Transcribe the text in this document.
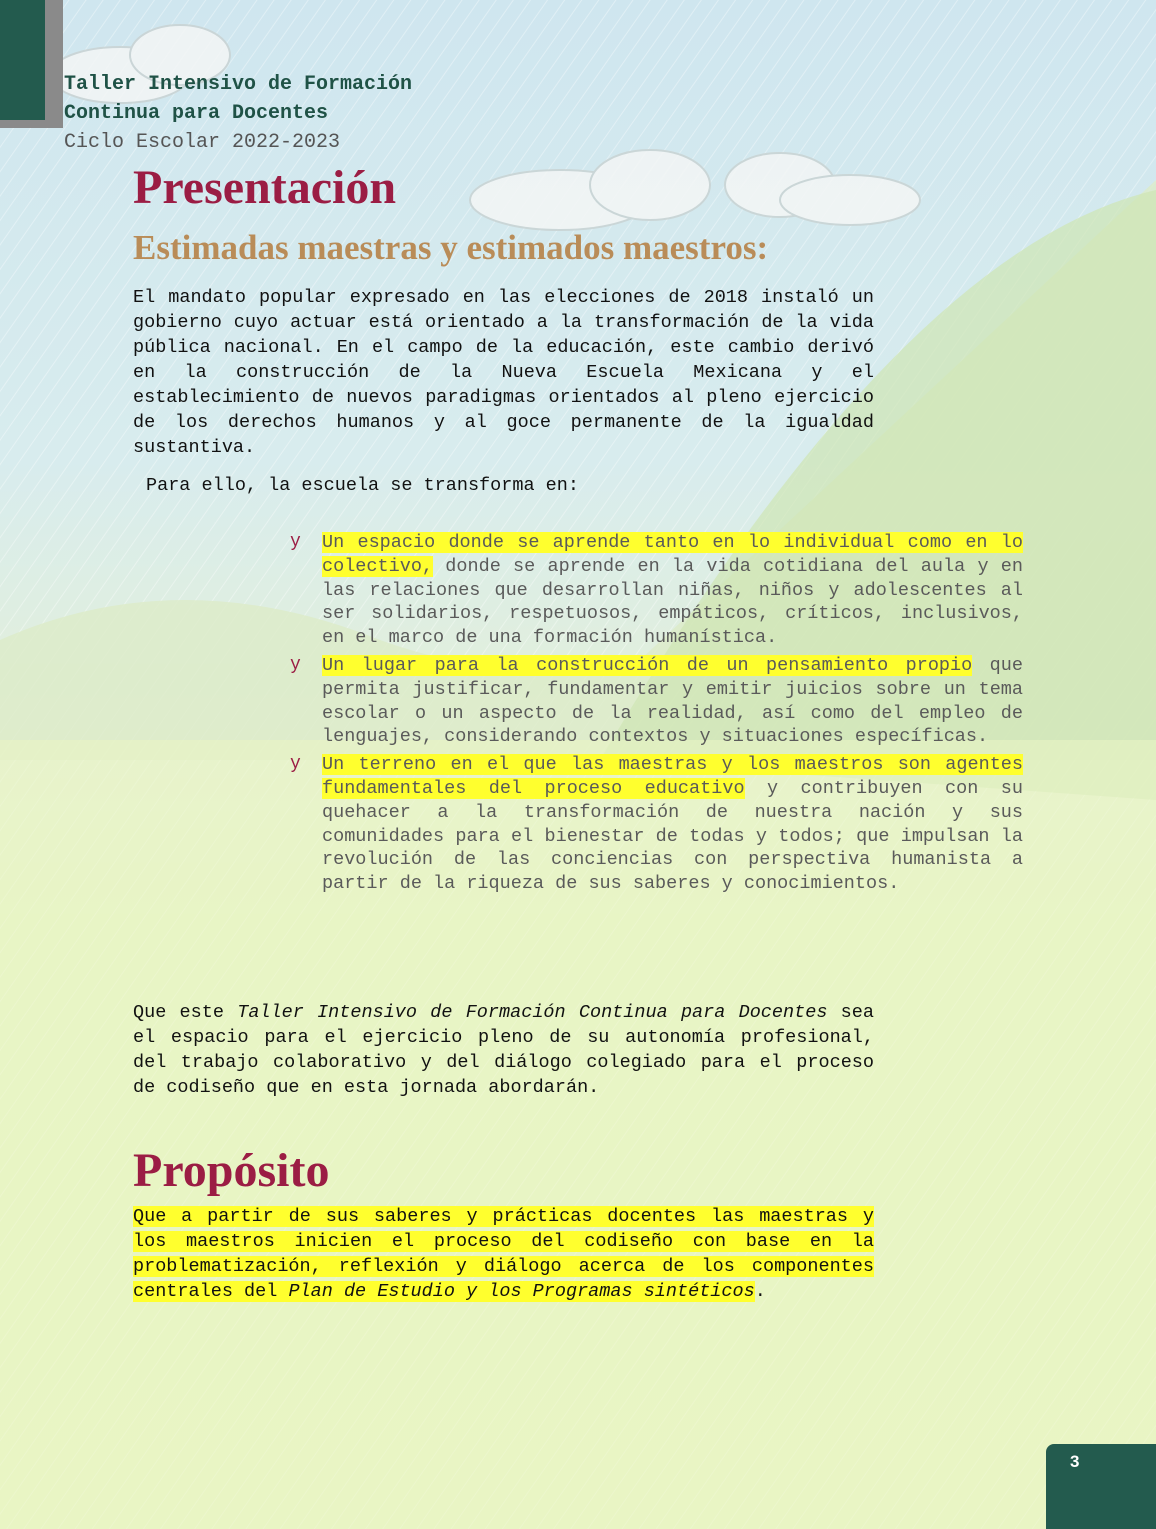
Taller Intensivo de Formación
Continua para Docentes
Ciclo Escolar 2022-2023
Presentación
Estimadas maestras y estimados maestros:

El mandato popular expresado en las elecciones de 2018 instaló un gobierno cuyo actuar está orientado a la transformación de la vida pública nacional. En el campo de la educación, este cambio derivó en la construcción de la Nueva Escuela Mexicana y el establecimiento de nuevos paradigmas orientados al pleno ejercicio de los derechos humanos y al goce permanente de la igualdad sustantiva.

Para ello, la escuela se transforma en:

y Un espacio donde se aprende tanto en lo individual como en lo colectivo, donde se aprende en la vida cotidiana del aula y en las relaciones que desarrollan niñas, niños y adolescentes al ser solidarios, respetuosos, empáticos, críticos, inclusivos, en el marco de una formación humanística.
y Un lugar para la construcción de un pensamiento propio que permita justificar, fundamentar y emitir juicios sobre un tema escolar o un aspecto de la realidad, así como del empleo de lenguajes, considerando contextos y situaciones específicas.
y Un terreno en el que las maestras y los maestros son agentes fundamentales del proceso educativo y contribuyen con su quehacer a la transformación de nuestra nación y sus comunidades para el bienestar de todas y todos; que impulsan la revolución de las conciencias con perspectiva humanista a partir de la riqueza de sus saberes y conocimientos.

Que este Taller Intensivo de Formación Continua para Docentes sea el espacio para el ejercicio pleno de su autonomía profesional, del trabajo colaborativo y del diálogo colegiado para el proceso de codiseño que en esta jornada abordarán.

Propósito

Que a partir de sus saberes y prácticas docentes las maestras y los maestros inicien el proceso del codiseño con base en la problematización, reflexión y diálogo acerca de los componentes centrales del Plan de Estudio y los Programas sintéticos.

3
